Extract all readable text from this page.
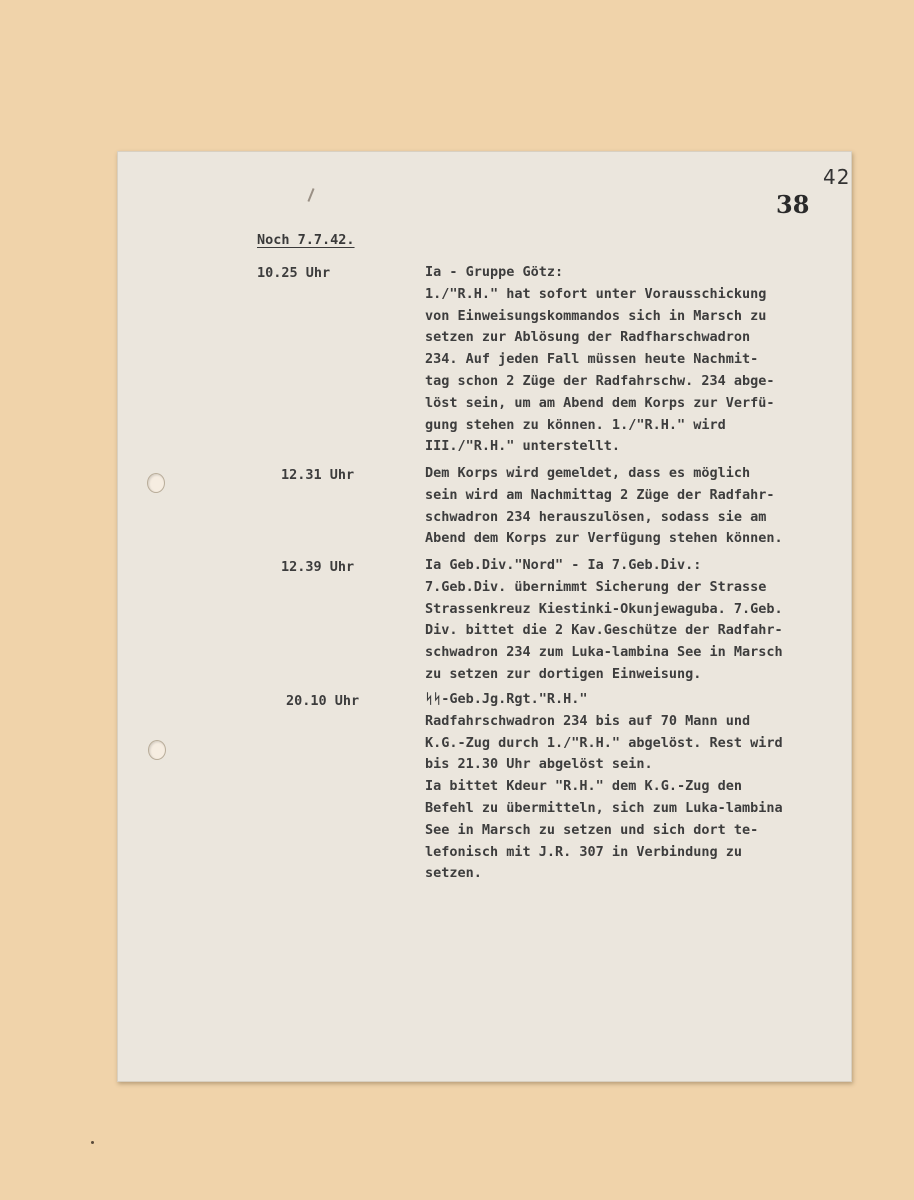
42
38
Noch 7.7.42.
10.25 Uhr	Ia - Gruppe Götz:
1./"R.H." hat sofort unter Vorausschickung
von Einweisungskommandos sich in Marsch zu
setzen zur Ablösung der Radfharschwadron
234. Auf jeden Fall müssen heute Nachmit-
tag schon 2 Züge der Radfahrschw. 234 abge-
löst sein, um am Abend dem Korps zur Verfü-
gung stehen zu können. 1./"R.H." wird
III./"R.H." unterstellt.
12.31 Uhr	Dem Korps wird gemeldet, dass es möglich
sein wird am Nachmittag 2 Züge der Radfahr-
schwadron 234 herauszulösen, sodass sie am
Abend dem Korps zur Verfügung stehen können.
12.39 Uhr	Ia Geb.Div."Nord" - Ia 7.Geb.Div.:
7.Geb.Div. übernimmt Sicherung der Strasse
Strassenkreuz Kiestinki-Okunjewaguba. 7.Geb.
Div. bittet die 2 Kav.Geschütze der Radfahr-
schwadron 234 zum Luka-lambina See in Marsch
zu setzen zur dortigen Einweisung.
20.10 Uhr	ᛋᛋ-Geb.Jg.Rgt."R.H."
Radfahrschwadron 234 bis auf 70 Mann und
K.G.-Zug durch 1./"R.H." abgelöst. Rest wird
bis 21.30 Uhr abgelöst sein.
Ia bittet Kdeur "R.H." dem K.G.-Zug den
Befehl zu übermitteln, sich zum Luka-lambina
See in Marsch zu setzen und sich dort te-
lefonisch mit J.R. 307 in Verbindung zu
setzen.
